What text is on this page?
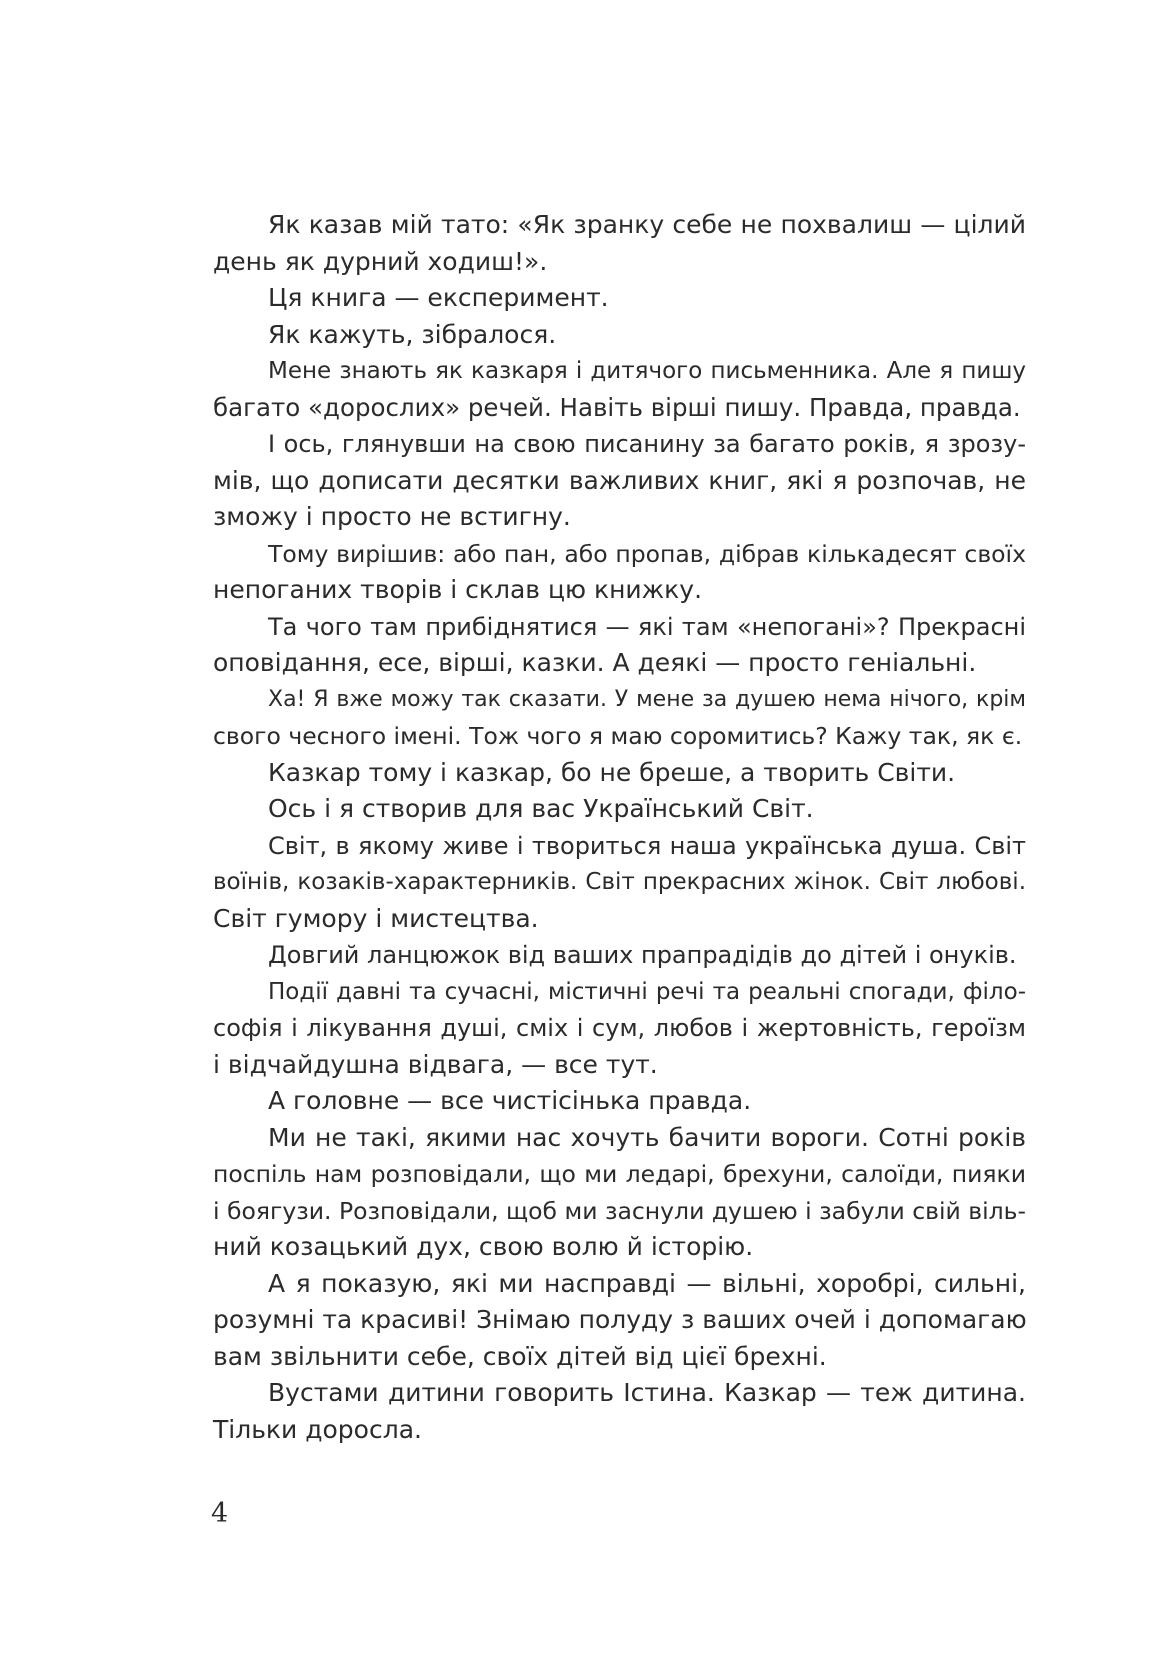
Як казав мій тато: «Як зранку себе не похвалиш — цілий
день як дурний ходиш!».
Ця книга — експеримент.
Як кажуть, зібралося.
Мене знають як казкаря і дитячого письменника. Але я пишу
багато «дорослих» речей. Навіть вірші пишу. Правда, правда.
І ось, глянувши на свою писанину за багато років, я зрозу-
мів, що дописати десятки важливих книг, які я розпочав, не
зможу і просто не встигну.
Тому вирішив: або пан, або пропав, дібрав кількадесят своїх
непоганих творів і склав цю книжку.
Та чого там прибіднятися — які там «непогані»? Прекрасні
оповідання, есе, вірші, казки. А деякі — просто геніальні.
Ха! Я вже можу так сказати. У мене за душею нема нічого, крім
свого чесного імені. Тож чого я маю соромитись? Кажу так, як є.
Казкар тому і казкар, бо не бреше, а творить Світи.
Ось і я створив для вас Український Світ.
Світ, в якому живе і твориться наша українська душа. Світ
воїнів, козаків-характерників. Світ прекрасних жінок. Світ любові.
Світ гумору і мистецтва.
Довгий ланцюжок від ваших прапрадідів до дітей і онуків.
Події давні та сучасні, містичні речі та реальні спогади, філо-
софія і лікування душі, сміх і сум, любов і жертовність, героїзм
і відчайдушна відвага, — все тут.
А головне — все чистісінька правда.
Ми не такі, якими нас хочуть бачити вороги. Сотні років
поспіль нам розповідали, що ми ледарі, брехуни, салоїди, пияки
і боягузи. Розповідали, щоб ми заснули душею і забули свій віль-
ний козацький дух, свою волю й історію.
А я показую, які ми насправді — вільні, хоробрі, сильні,
розумні та красиві! Знімаю полуду з ваших очей і допомагаю
вам звільнити себе, своїх дітей від цієї брехні.
Вустами дитини говорить Істина. Казкар — теж дитина.
Тільки доросла.
4
